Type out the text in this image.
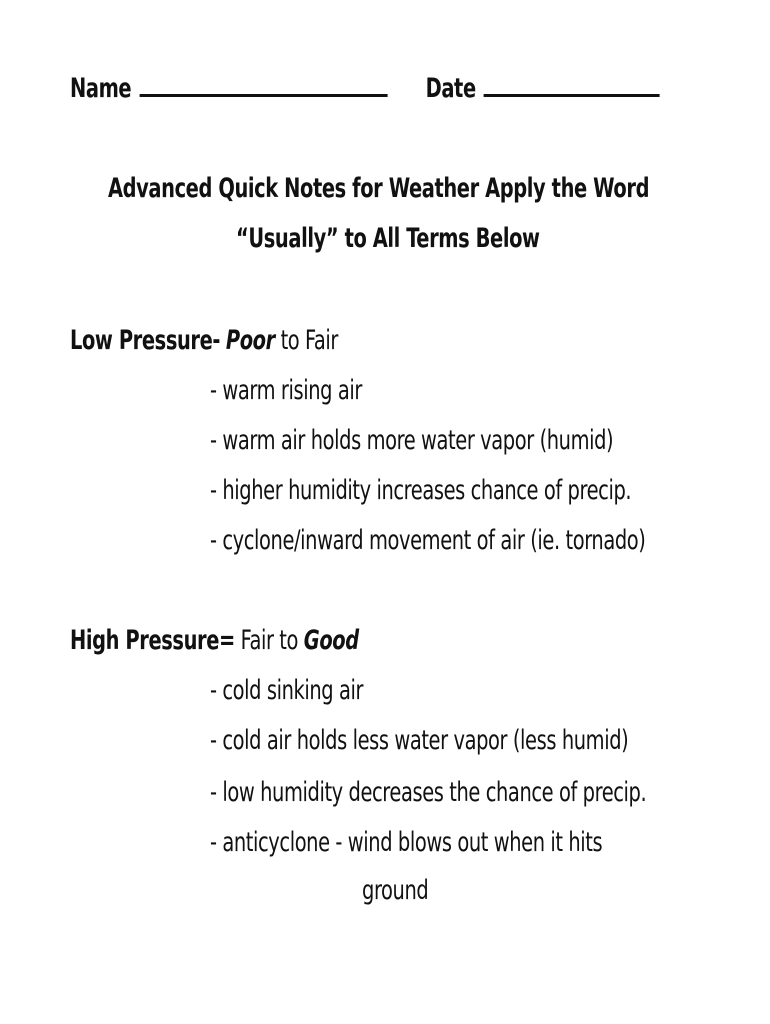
Name	Date
Advanced Quick Notes for Weather Apply the Word
“Usually” to All Terms Below
Low Pressure- Poor to Fair
- warm rising air
- warm air holds more water vapor (humid)
- higher humidity increases chance of precip.
- cyclone/inward movement of air (ie. tornado)
High Pressure= Fair to Good
- cold sinking air
- cold air holds less water vapor (less humid)
- low humidity decreases the chance of precip.
- anticyclone - wind blows out when it hits
ground
